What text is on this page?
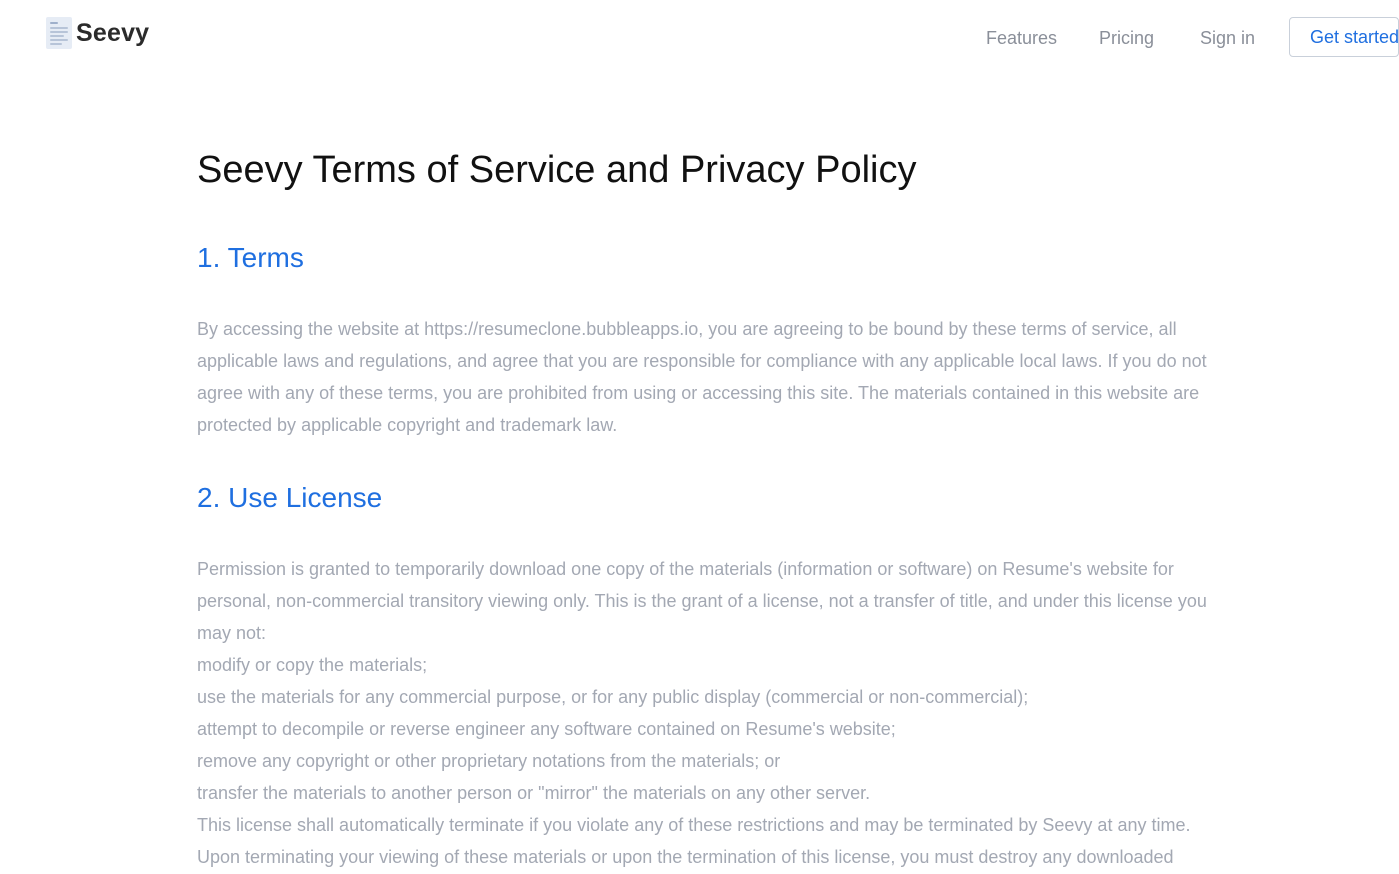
Seevy	Features Pricing	Sign in	Get started
Seevy Terms of Service and Privacy Policy
1. Terms
By accessing the website at https://resumeclone.bubbleapps.io, you are agreeing to be bound by these terms of service, all
applicable laws and regulations, and agree that you are responsible for compliance with any applicable local laws. If you do not
agree with any of these terms, you are prohibited from using or accessing this site. The materials contained in this website are
protected by applicable copyright and trademark law.
2. Use License
Permission is granted to temporarily download one copy of the materials (information or software) on Resume's website for
personal, non-commercial transitory viewing only. This is the grant of a license, not a transfer of title, and under this license you
may not:
modify or copy the materials;
use the materials for any commercial purpose, or for any public display (commercial or non-commercial);
attempt to decompile or reverse engineer any software contained on Resume's website;
remove any copyright or other proprietary notations from the materials; or
transfer the materials to another person or "mirror" the materials on any other server.
This license shall automatically terminate if you violate any of these restrictions and may be terminated by Seevy at any time.
Upon terminating your viewing of these materials or upon the termination of this license, you must destroy any downloaded
